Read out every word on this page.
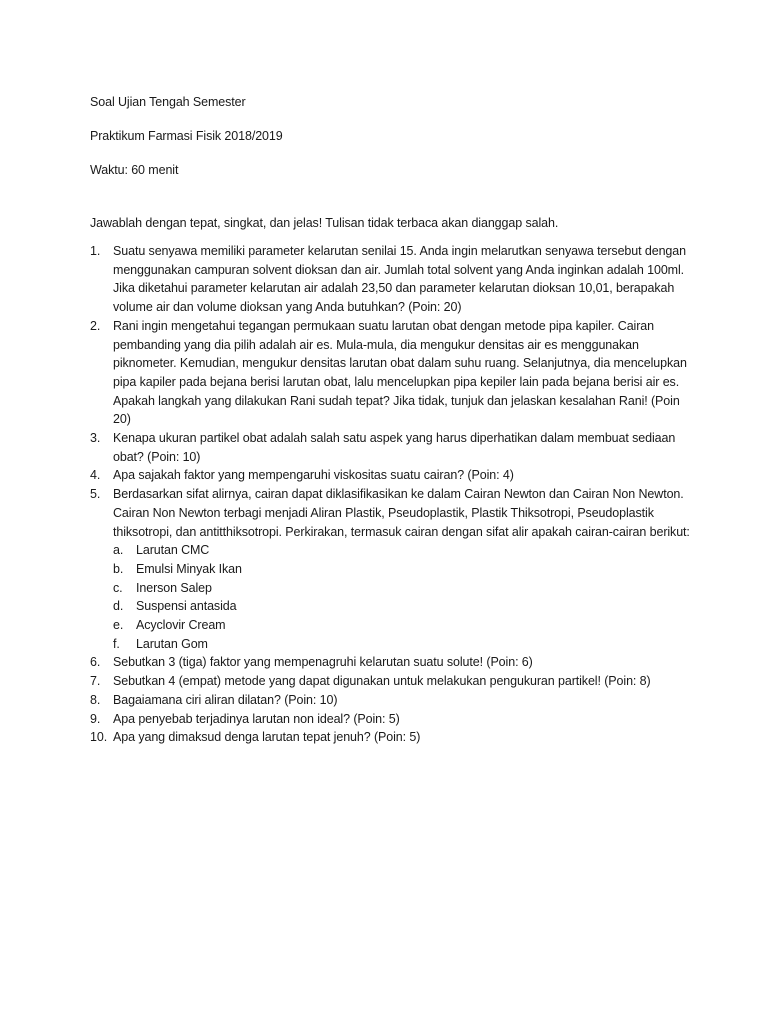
Soal Ujian Tengah Semester
Praktikum Farmasi Fisik 2018/2019
Waktu: 60 menit
Jawablah dengan tepat, singkat, dan jelas! Tulisan tidak terbaca akan dianggap salah.
1.	Suatu senyawa memiliki parameter kelarutan senilai 15. Anda ingin melarutkan senyawa tersebut dengan menggunakan campuran solvent dioksan dan air. Jumlah total solvent yang Anda inginkan adalah 100ml. Jika diketahui parameter kelarutan air adalah 23,50 dan parameter kelarutan dioksan 10,01, berapakah volume air dan volume dioksan yang Anda butuhkan? (Poin: 20)
2.	Rani ingin mengetahui tegangan permukaan suatu larutan obat dengan metode pipa kapiler. Cairan pembanding yang dia pilih adalah air es. Mula-mula, dia mengukur densitas air es menggunakan piknometer. Kemudian, mengukur densitas larutan obat dalam suhu ruang. Selanjutnya, dia mencelupkan pipa kapiler pada bejana berisi larutan obat, lalu mencelupkan pipa kepiler lain pada bejana berisi air es. Apakah langkah yang dilakukan Rani sudah tepat? Jika tidak, tunjuk dan jelaskan kesalahan Rani! (Poin 20)
3.	Kenapa ukuran partikel obat adalah salah satu aspek yang harus diperhatikan dalam membuat sediaan obat? (Poin: 10)
4.	Apa sajakah faktor yang mempengaruhi viskositas suatu cairan? (Poin: 4)
5.	Berdasarkan sifat alirnya, cairan dapat diklasifikasikan ke dalam Cairan Newton dan Cairan Non Newton. Cairan Non Newton terbagi menjadi Aliran Plastik, Pseudoplastik, Plastik Thiksotropi, Pseudoplastik thiksotropi, dan antitthiksotropi. Perkirakan, termasuk cairan dengan sifat alir apakah cairan-cairan berikut:
a. Larutan CMC
b. Emulsi Minyak Ikan
c. Inerson Salep
d. Suspensi antasida
e. Acyclovir Cream
f. Larutan Gom
6.	Sebutkan 3 (tiga) faktor yang mempenagruhi kelarutan suatu solute! (Poin: 6)
7.	Sebutkan 4 (empat) metode yang dapat digunakan untuk melakukan pengukuran partikel! (Poin: 8)
8.	Bagaiamana ciri aliran dilatan? (Poin: 10)
9.	Apa penyebab terjadinya larutan non ideal? (Poin: 5)
10. Apa yang dimaksud denga larutan tepat jenuh? (Poin: 5)
